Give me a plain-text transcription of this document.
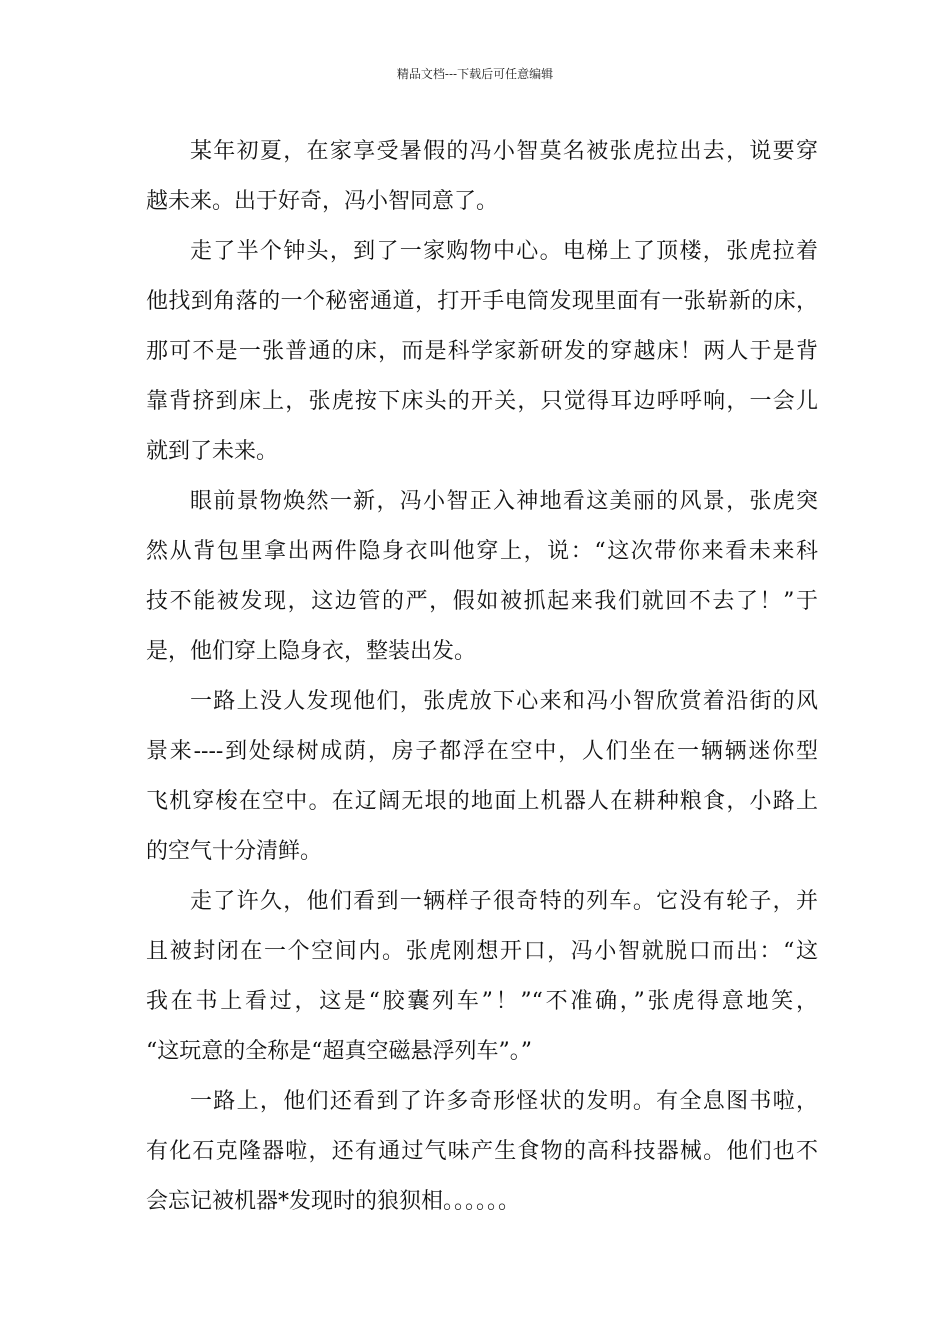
精品文档---下载后可任意编辑
某年初夏，在家享受暑假的冯小智莫名被张虎拉出去，说要穿
越未来。出于好奇，冯小智同意了。
走了半个钟头，到了一家购物中心。电梯上了顶楼，张虎拉着
他找到角落的一个秘密通道，打开手电筒发现里面有一张崭新的床，
那可不是一张普通的床，而是科学家新研发的穿越床！两人于是背
靠背挤到床上，张虎按下床头的开关，只觉得耳边呼呼响，一会儿
就到了未来。
眼前景物焕然一新，冯小智正入神地看这美丽的风景，张虎突
然从背包里拿出两件隐身衣叫他穿上，说：“这次带你来看未来科
技不能被发现，这边管的严，假如被抓起来我们就回不去了！”于
是，他们穿上隐身衣，整装出发。
一路上没人发现他们，张虎放下心来和冯小智欣赏着沿街的风
景来----到处绿树成荫，房子都浮在空中，人们坐在一辆辆迷你型
飞机穿梭在空中。在辽阔无垠的地面上机器人在耕种粮食，小路上
的空气十分清鲜。
走了许久，他们看到一辆样子很奇特的列车。它没有轮子，并
且被封闭在一个空间内。张虎刚想开口，冯小智就脱口而出：“这
我在书上看过，这是“胶囊列车”！”“不准确，”张虎得意地笑，
“这玩意的全称是“超真空磁悬浮列车”。”
一路上，他们还看到了许多奇形怪状的发明。有全息图书啦，
有化石克隆器啦，还有通过气味产生食物的高科技器械。他们也不
会忘记被机器*发现时的狼狈相。。。。。。
